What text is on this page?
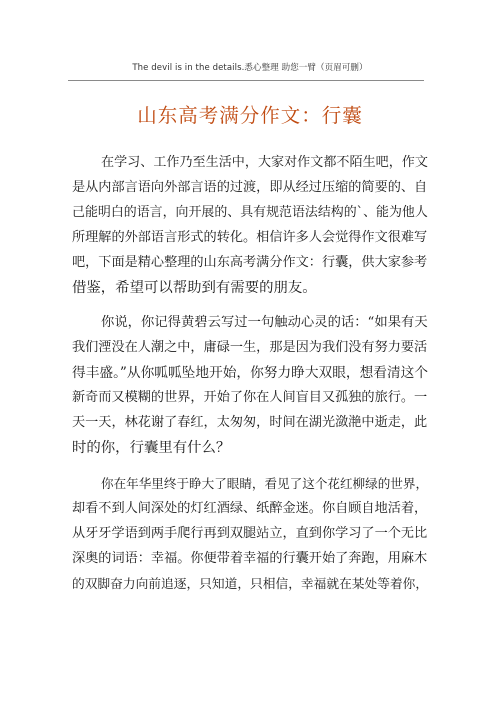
The devil is in the details.悉心整理 助您一臂（页眉可删）
山东高考满分作文：行囊

在学习、工作乃至生活中，大家对作文都不陌生吧，作文
是从内部言语向外部言语的过渡，即从经过压缩的简要的、自
己能明白的语言，向开展的、具有规范语法结构的`、能为他人
所理解的外部语言形式的转化。相信许多人会觉得作文很难写
吧，下面是精心整理的山东高考满分作文：行囊，供大家参考
借鉴，希望可以帮助到有需要的朋友。

你说，你记得黄碧云写过一句触动心灵的话：“如果有天
我们湮没在人潮之中，庸碌一生，那是因为我们没有努力要活
得丰盛。”从你呱呱坠地开始，你努力睁大双眼，想看清这个
新奇而又模糊的世界，开始了你在人间盲目又孤独的旅行。一
天一天，林花谢了春红，太匆匆，时间在湖光潋滟中逝走，此
时的你，行囊里有什么？

你在年华里终于睁大了眼睛，看见了这个花红柳绿的世界，
却看不到人间深处的灯红酒绿、纸醉金迷。你自顾自地活着，
从牙牙学语到两手爬行再到双腿站立，直到你学习了一个无比
深奥的词语：幸福。你便带着幸福的行囊开始了奔跑，用麻木
的双脚奋力向前追逐，只知道，只相信，幸福就在某处等着你，
